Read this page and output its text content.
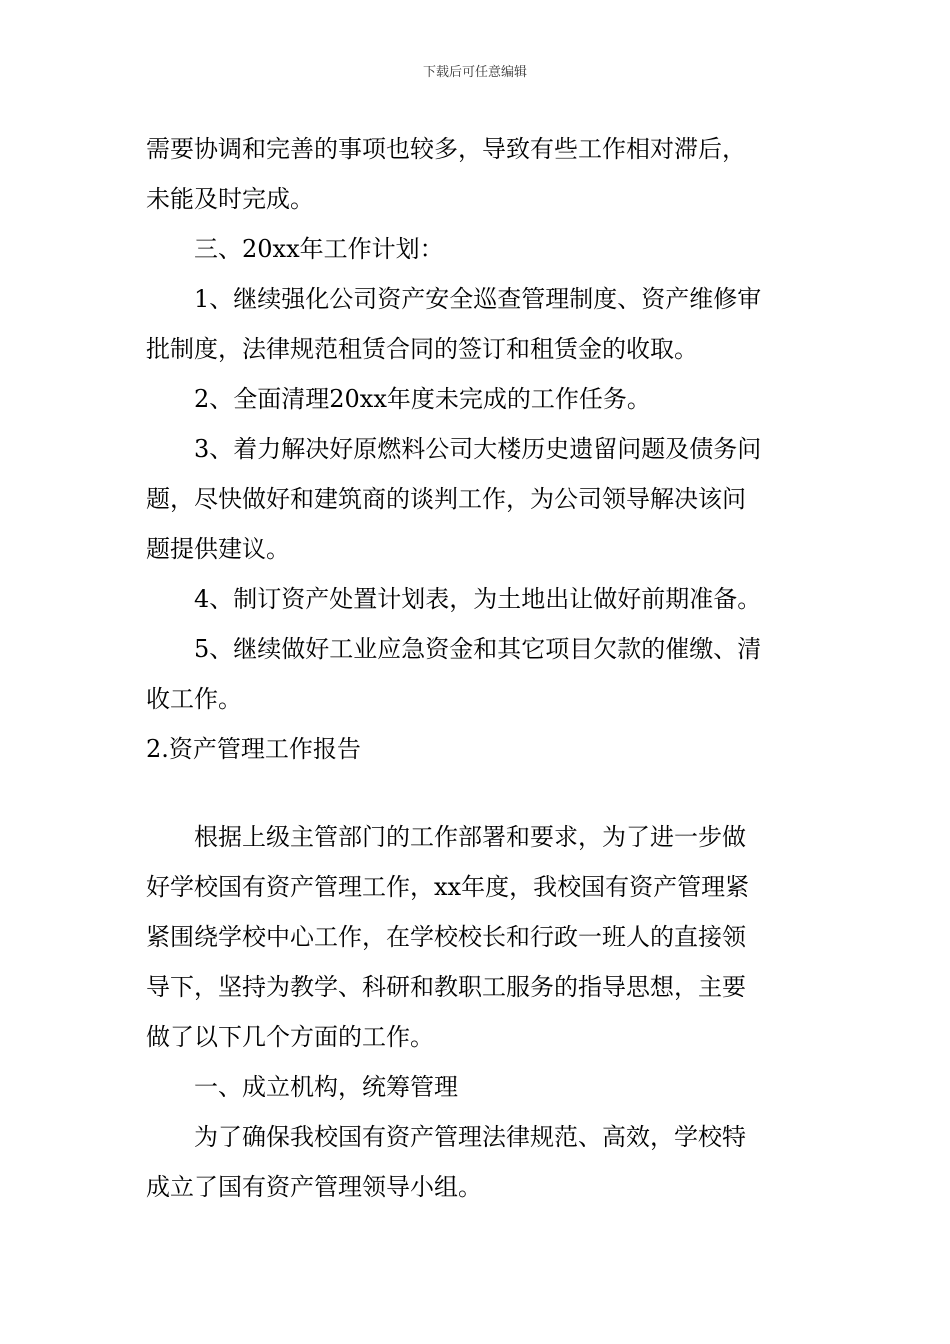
下载后可任意编辑
需要协调和完善的事项也较多，导致有些工作相对滞后，
未能及时完成。
三、20xx年工作计划：
1、继续强化公司资产安全巡查管理制度、资产维修审
批制度，法律规范租赁合同的签订和租赁金的收取。
2、全面清理20xx年度未完成的工作任务。
3、着力解决好原燃料公司大楼历史遗留问题及债务问
题，尽快做好和建筑商的谈判工作，为公司领导解决该问
题提供建议。
4、制订资产处置计划表，为土地出让做好前期准备。
5、继续做好工业应急资金和其它项目欠款的催缴、清
收工作。
2.资产管理工作报告
根据上级主管部门的工作部署和要求，为了进一步做
好学校国有资产管理工作，xx年度，我校国有资产管理紧
紧围绕学校中心工作，在学校校长和行政一班人的直接领
导下，坚持为教学、科研和教职工服务的指导思想，主要
做了以下几个方面的工作。
一、成立机构，统筹管理
为了确保我校国有资产管理法律规范、高效，学校特
成立了国有资产管理领导小组。
